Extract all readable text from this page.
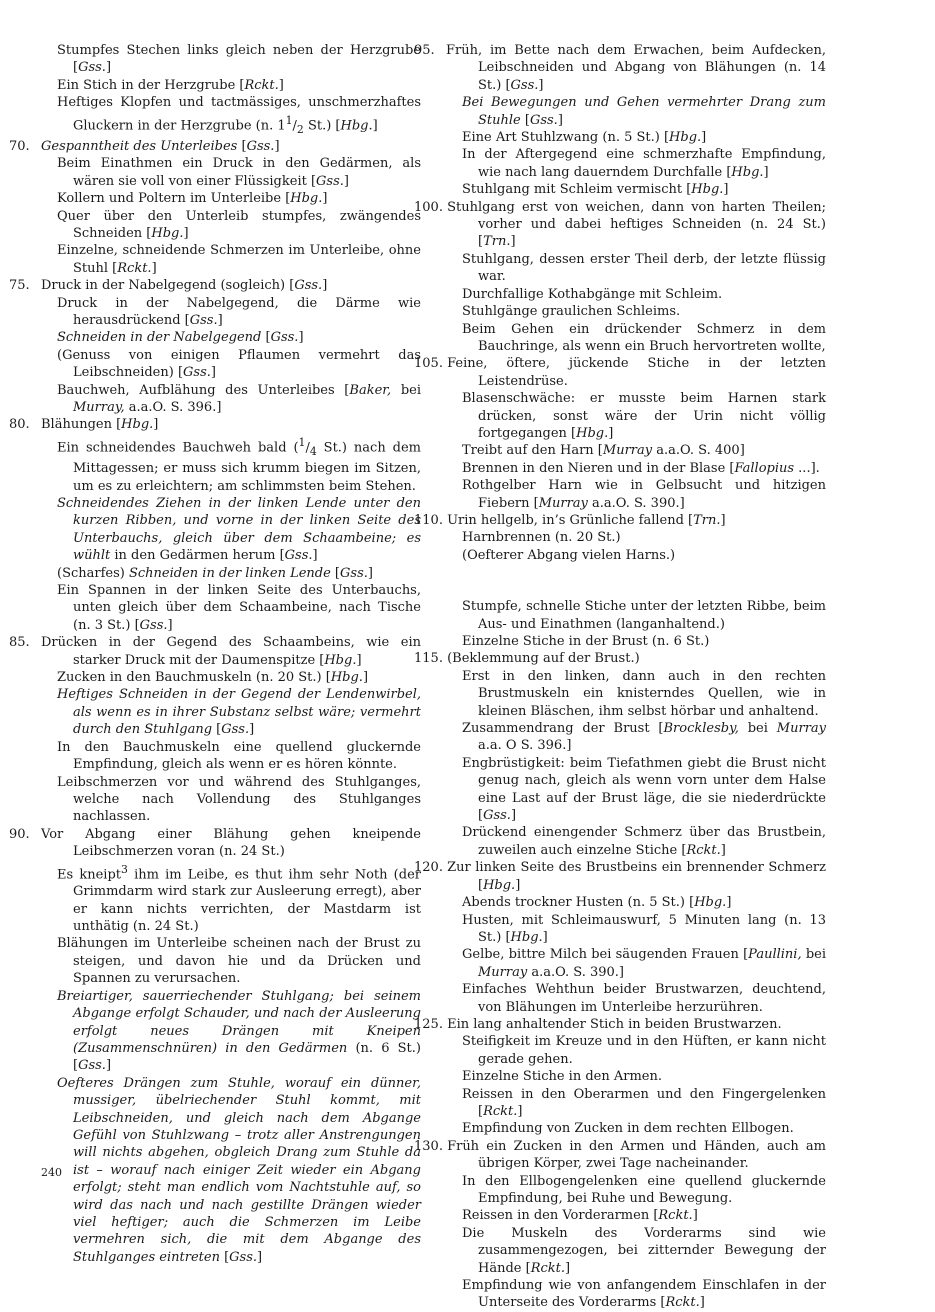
Stumpfes Stechen links gleich neben der Herzgrube [Gss.]

Ein Stich in der Herzgrube [Rckt.]

Heftiges Klopfen und tactmässiges, unschmerzhaftes Gluckern in der Herzgrube (n. $1^1/_2$ St.) [Hbg.]

70. Gespanntheit des Unterleibes [Gss.]

Beim Einathmen ein Druck in den Gedärmen, als wären sie voll von einer Flüssigkeit [Gss.]

Kollern und Poltern im Unterleibe [Hbg.]

Quer über den Unterleib stumpfes, zwängendes Schneiden [Hbg.]

Einzelne, schneidende Schmerzen im Unterleibe, ohne Stuhl [Rckt.]

75. Druck in der Nabelgegend (sogleich) [Gss.]

Druck in der Nabelgegend, die Därme wie herausdrückend [Gss.]

Schneiden in der Nabelgegend [Gss.]

(Genuss von einigen Pflaumen vermehrt das Leibschneiden) [Gss.]

Bauchweh, Aufblähung des Unterleibes [Baker, bei Murray, a.a.O. S. 396.]

80. Blähungen [Hbg.]

Ein schneidendes Bauchweh bald ($^1/_4$ St.) nach dem Mittagessen; er muss sich krumm biegen im Sitzen, um es zu erleichtern; am schlimmsten beim Stehen.

Schneidendes Ziehen in der linken Lende unter den kurzen Ribben, und vorne in der linken Seite des Unterbauchs, gleich über dem Schaambeine; es wühlt in den Gedärmen herum [Gss.]

(Scharfes) Schneiden in der linken Lende [Gss.]

Ein Spannen in der linken Seite des Unterbauchs, unten gleich über dem Schaambeine, nach Tische (n. 3 St.) [Gss.]

85. Drücken in der Gegend des Schaambeins, wie ein starker Druck mit der Daumenspitze [Hbg.]

Zucken in den Bauchmuskeln (n. 20 St.) [Hbg.]

Heftiges Schneiden in der Gegend der Lendenwirbel, als wenn es in ihrer Substanz selbst wäre; vermehrt durch den Stuhlgang [Gss.]

In den Bauchmuskeln eine quellend gluckernde Empfindung, gleich als wenn er es hören könnte.

Leibschmerzen vor und während des Stuhlganges, welche nach Vollendung des Stuhlganges nachlassen.

90. Vor Abgang einer Blähung gehen kneipende Leibschmerzen voran (n. 24 St.)

Es kneipt$^3$ ihm im Leibe, es thut ihm sehr Noth (der Grimmdarm wird stark zur Ausleerung erregt), aber er kann nichts verrichten, der Mastdarm ist unthätig (n. 24 St.)

Blähungen im Unterleibe scheinen nach der Brust zu steigen, und davon hie und da Drücken und Spannen zu verursachen.

Breiartiger, sauerriechender Stuhlgang; bei seinem Abgange erfolgt Schauder, und nach der Ausleerung erfolgt neues Drängen mit Kneipen (Zusammenschnüren) in den Gedärmen (n. 6 St.) [Gss.]

Oefteres Drängen zum Stuhle, worauf ein dünner, mussiger, übelriechender Stuhl kommt, mit Leibschneiden, und gleich nach dem Abgange Gefühl von Stuhlzwang – trotz aller Anstrengungen will nichts abgehen, obgleich Drang zum Stuhle da ist – worauf nach einiger Zeit wieder ein Abgang erfolgt; steht man endlich vom Nachtstuhle auf, so wird das nach und nach gestillte Drängen wieder viel heftiger; auch die Schmerzen im Leibe vermehren sich, die mit dem Abgange des Stuhlganges eintreten [Gss.]

95. Früh, im Bette nach dem Erwachen, beim Aufdecken, Leibschneiden und Abgang von Blähungen (n. 14 St.) [Gss.]

Bei Bewegungen und Gehen vermehrter Drang zum Stuhle [Gss.]

Eine Art Stuhlzwang (n. 5 St.) [Hbg.]

In der Aftergegend eine schmerzhafte Empfindung, wie nach lang dauerndem Durchfalle [Hbg.]

Stuhlgang mit Schleim vermischt [Hbg.]

100. Stuhlgang erst von weichen, dann von harten Theilen; vorher und dabei heftiges Schneiden (n. 24 St.) [Trn.]

Stuhlgang, dessen erster Theil derb, der letzte flüssig war.

Durchfallige Kothabgänge mit Schleim.

Stuhlgänge graulichen Schleims.

Beim Gehen ein drückender Schmerz in dem Bauchringe, als wenn ein Bruch hervortreten wollte,

105. Feine, öftere, jückende Stiche in der letzten Leistendrüse.

Blasenschwäche: er musste beim Harnen stark drücken, sonst wäre der Urin nicht völlig fortgegangen [Hbg.]

Treibt auf den Harn [Murray a.a.O. S. 400]

Brennen in den Nieren und in der Blase [Fallopius ...].

Rothgelber Harn wie in Gelbsucht und hitzigen Fiebern [Murray a.a.O. S. 390.]

110. Urin hellgelb, in’s Grünliche fallend [Trn.]

Harnbrennen (n. 20 St.)

(Oefterer Abgang vielen Harns.)

Stumpfe, schnelle Stiche unter der letzten Ribbe, beim Aus- und Einathmen (langanhaltend.)

Einzelne Stiche in der Brust (n. 6 St.)

115. (Beklemmung auf der Brust.)

Erst in den linken, dann auch in den rechten Brustmuskeln ein knisterndes Quellen, wie in kleinen Bläschen, ihm selbst hörbar und anhaltend.

Zusammendrang der Brust [Brocklesby, bei Murray a.a. O S. 396.]

Engbrüstigkeit: beim Tiefathmen giebt die Brust nicht genug nach, gleich als wenn vorn unter dem Halse eine Last auf der Brust läge, die sie niederdrückte [Gss.]

Drückend einengender Schmerz über das Brustbein, zuweilen auch einzelne Stiche [Rckt.]

120. Zur linken Seite des Brustbeins ein brennender Schmerz [Hbg.]

Abends trockner Husten (n. 5 St.) [Hbg.]

Husten, mit Schleimauswurf, 5 Minuten lang (n. 13 St.) [Hbg.]

Gelbe, bittre Milch bei säugenden Frauen [Paullini, bei Murray a.a.O. S. 390.]

Einfaches Wehthun beider Brustwarzen, deuchtend, von Blähungen im Unterleibe herzurühren.

125. Ein lang anhaltender Stich in beiden Brustwarzen.

Steifigkeit im Kreuze und in den Hüften, er kann nicht gerade gehen.

Einzelne Stiche in den Armen.

Reissen in den Oberarmen und den Fingergelenken [Rckt.]

Empfindung von Zucken in dem rechten Ellbogen.

130. Früh ein Zucken in den Armen und Händen, auch am übrigen Körper, zwei Tage nacheinander.

In den Ellbogengelenken eine quellend gluckernde Empfindung, bei Ruhe und Bewegung.

Reissen in den Vorderarmen [Rckt.]

Die Muskeln des Vorderarms sind wie zusammengezogen, bei zitternder Bewegung der Hände [Rckt.]

Empfindung wie von anfangendem Einschlafen in der Unterseite des Vorderarms [Rckt.]

240
